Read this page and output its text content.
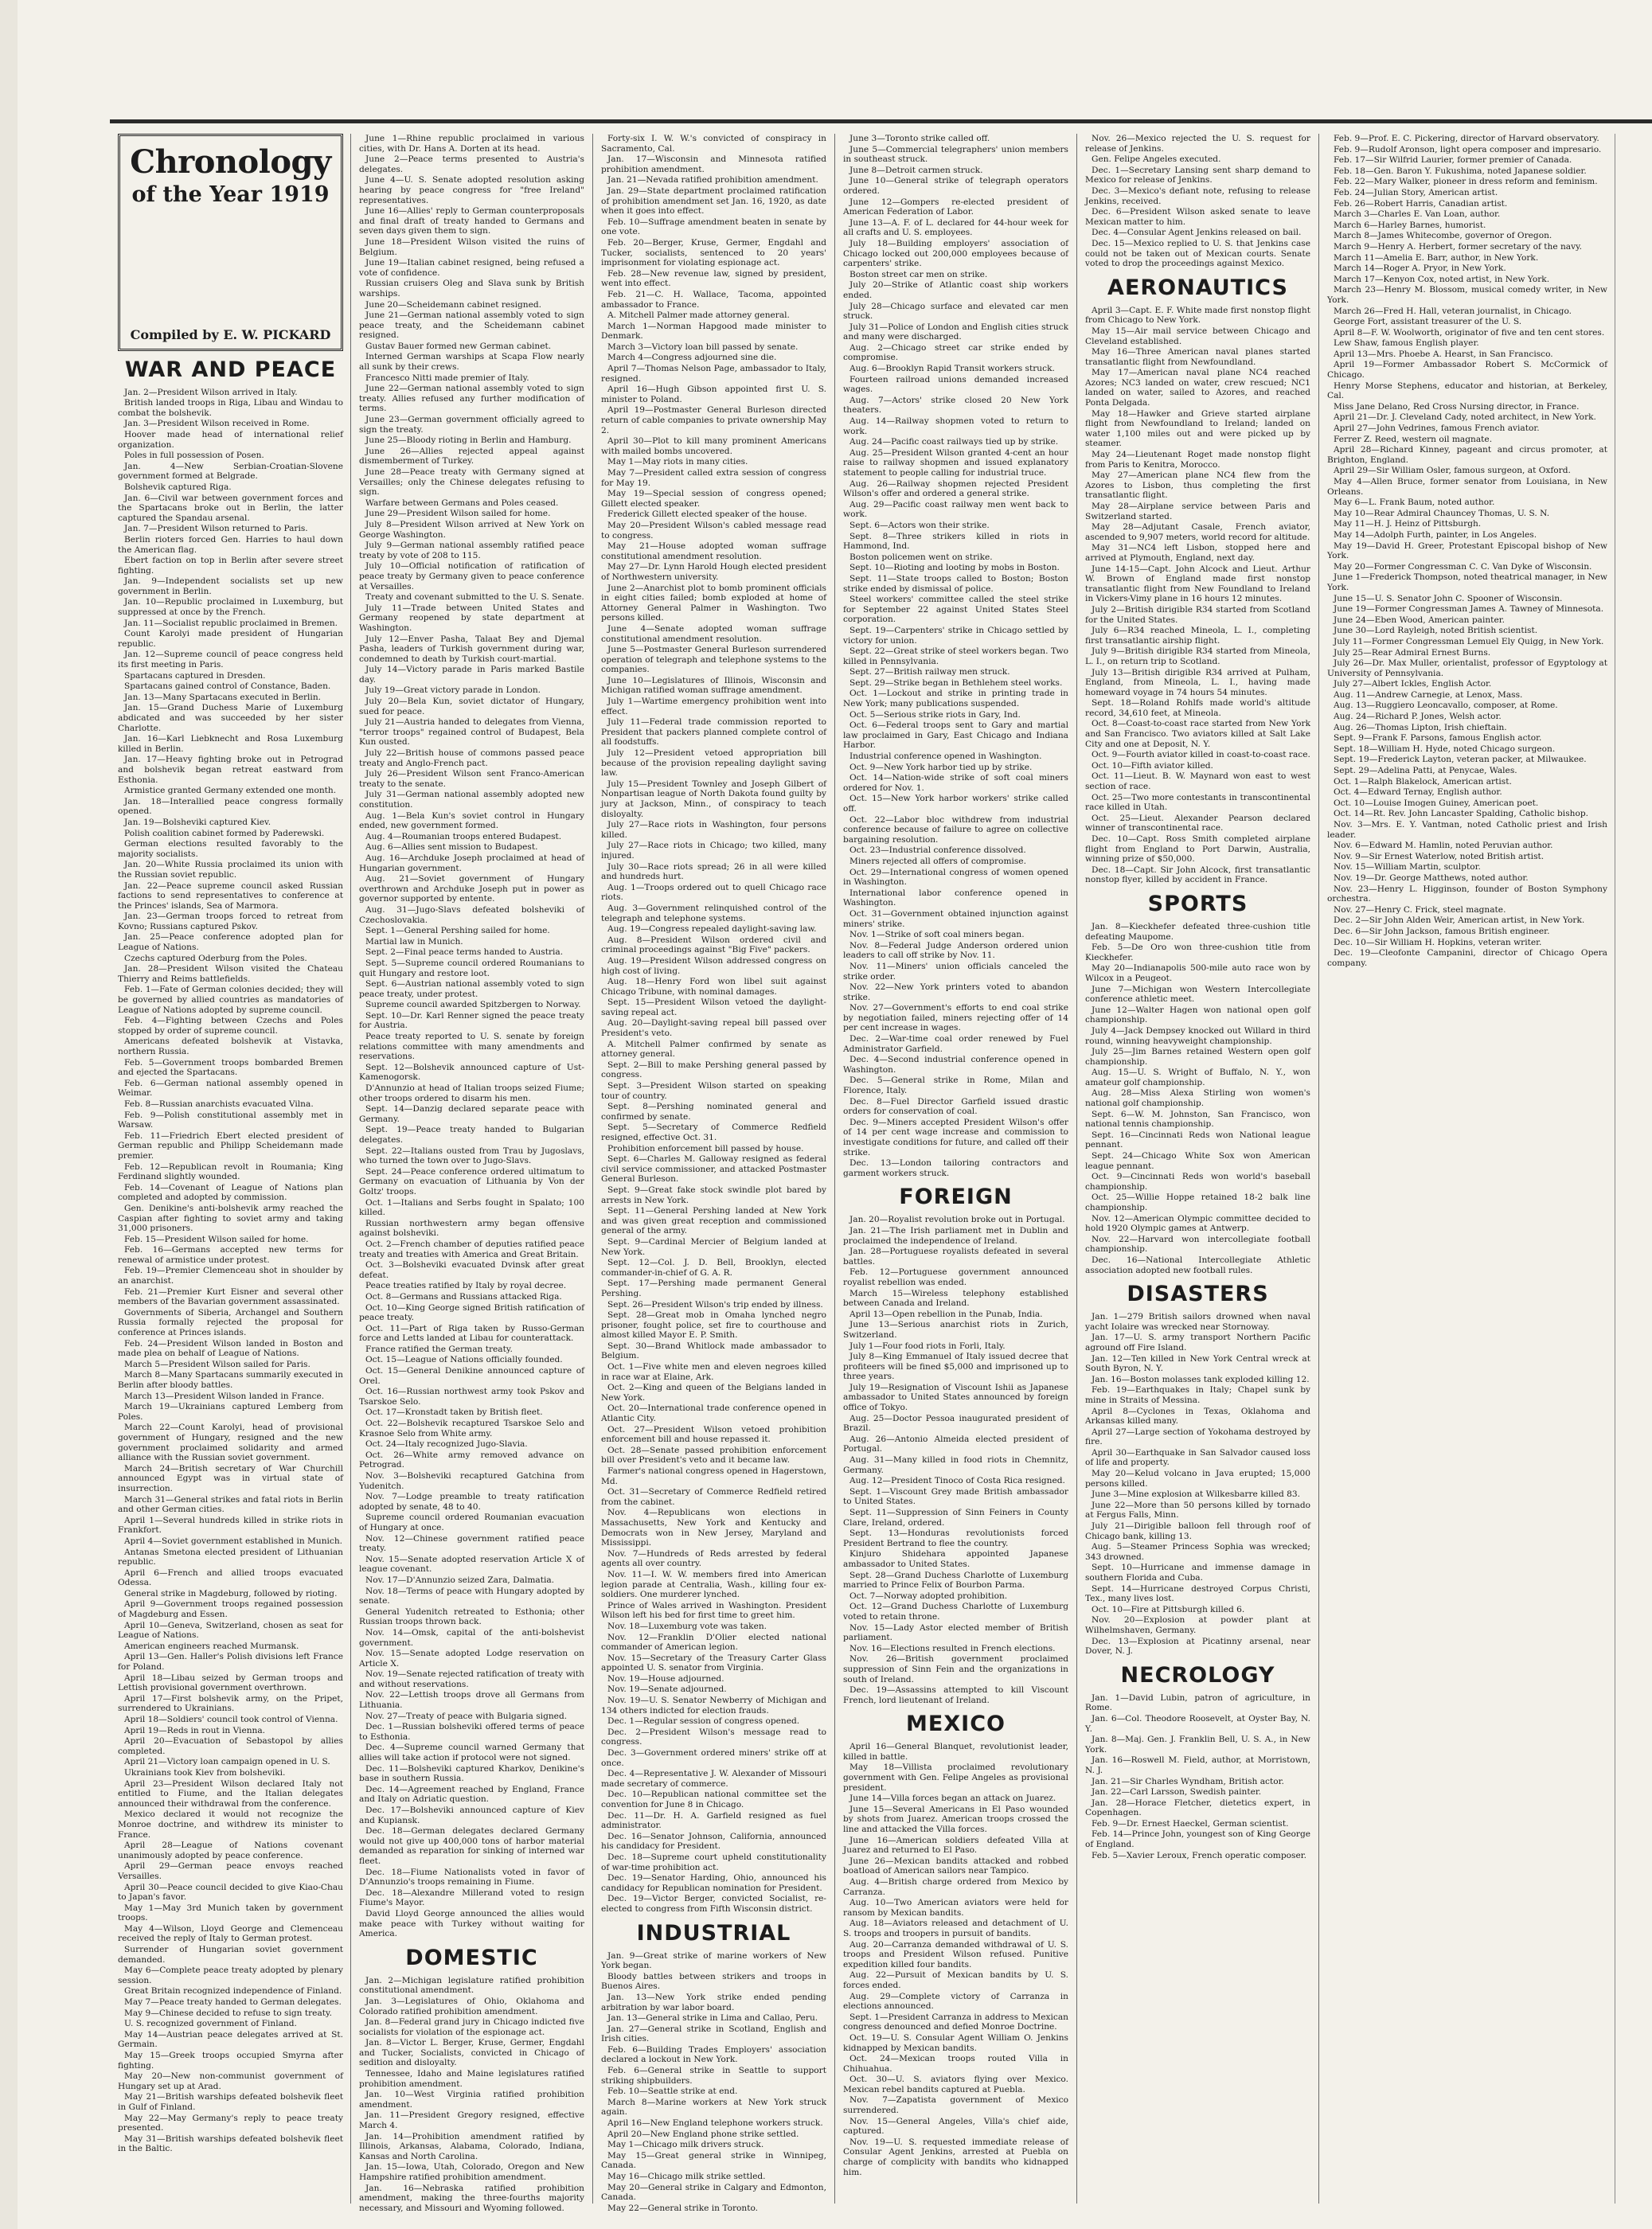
Chronology
of the Year 1919
Compiled by E. W. PICKARD
WAR AND PEACE

Jan. 2—President Wilson arrived in Italy.

British landed troops in Riga, Libau and Windau to combat the bolshevik.

Jan. 3—President Wilson received in Rome.

Hoover made head of international relief organization.

Poles in full possession of Posen.

Jan. 4—New Serbian-Croatian-Slovene government formed at Belgrade.

Bolshevik captured Riga.

Jan. 6—Civil war between government forces and the Spartacans broke out in Berlin, the latter captured the Spandau arsenal.

Jan. 7—President Wilson returned to Paris.

Berlin rioters forced Gen. Harries to haul down the American flag.

Ebert faction on top in Berlin after severe street fighting.

Jan. 9—Independent socialists set up new government in Berlin.

Jan. 10—Republic proclaimed in Luxemburg, but suppressed at once by the French.

Jan. 11—Socialist republic proclaimed in Bremen.

Count Karolyi made president of Hungarian republic.

Jan. 12—Supreme council of peace congress held its first meeting in Paris.

Spartacans captured in Dresden.

Spartacans gained control of Constance, Baden.

Jan. 13—Many Spartacans executed in Berlin.

Jan. 15—Grand Duchess Marie of Luxemburg abdicated and was succeeded by her sister Charlotte.

Jan. 16—Karl Liebknecht and Rosa Luxemburg killed in Berlin.

Jan. 17—Heavy fighting broke out in Petrograd and bolshevik began retreat eastward from Esthonia.

Armistice granted Germany extended one month.

Jan. 18—Interallied peace congress formally opened.

Jan. 19—Bolsheviki captured Kiev.

Polish coalition cabinet formed by Paderewski.

German elections resulted favorably to the majority socialists.

Jan. 20—White Russia proclaimed its union with the Russian soviet republic.

Jan. 22—Peace supreme council asked Russian factions to send representatives to conference at the Princes' islands, Sea of Marmora.

Jan. 23—German troops forced to retreat from Kovno; Russians captured Pskov.

Jan. 25—Peace conference adopted plan for League of Nations.

Czechs captured Oderburg from the Poles.

Jan. 28—President Wilson visited the Chateau Thierry and Reims battlefields.

Feb. 1—Fate of German colonies decided; they will be governed by allied countries as mandatories of League of Nations adopted by supreme council.

Feb. 4—Fighting between Czechs and Poles stopped by order of supreme council.

Americans defeated bolshevik at Vistavka, northern Russia.

Feb. 5—Government troops bombarded Bremen and ejected the Spartacans.

Feb. 6—German national assembly opened in Weimar.

Feb. 8—Russian anarchists evacuated Vilna.

Feb. 9—Polish constitutional assembly met in Warsaw.

Feb. 11—Friedrich Ebert elected president of German republic and Philipp Scheidemann made premier.

Feb. 12—Republican revolt in Roumania; King Ferdinand slightly wounded.

Feb. 14—Covenant of League of Nations plan completed and adopted by commission.

Gen. Denikine's anti-bolshevik army reached the Caspian after fighting to soviet army and taking 31,000 prisoners.

Feb. 15—President Wilson sailed for home.

Feb. 16—Germans accepted new terms for renewal of armistice under protest.

Feb. 19—Premier Clemenceau shot in shoulder by an anarchist.

Feb. 21—Premier Kurt Eisner and several other members of the Bavarian government assassinated.

Governments of Siberia, Archangel and Southern Russia formally rejected the proposal for conference at Princes islands.

Feb. 24—President Wilson landed in Boston and made plea on behalf of League of Nations.

March 5—President Wilson sailed for Paris.

March 8—Many Spartacans summarily executed in Berlin after bloody battles.

March 13—President Wilson landed in France.

March 19—Ukrainians captured Lemberg from Poles.

March 22—Count Karolyi, head of provisional government of Hungary, resigned and the new government proclaimed solidarity and armed alliance with the Russian soviet government.

March 24—British secretary of War Churchill announced Egypt was in virtual state of insurrection.

March 31—General strikes and fatal riots in Berlin and other German cities.

April 1—Several hundreds killed in strike riots in Frankfort.

April 4—Soviet government established in Munich.

Antanas Smetona elected president of Lithuanian republic.

April 6—French and allied troops evacuated Odessa.

General strike in Magdeburg, followed by rioting.

April 9—Government troops regained possession of Magdeburg and Essen.

April 10—Geneva, Switzerland, chosen as seat for League of Nations.

American engineers reached Murmansk.

April 13—Gen. Haller's Polish divisions left France for Poland.

April 18—Libau seized by German troops and Lettish provisional government overthrown.

April 17—First bolshevik army, on the Pripet, surrendered to Ukrainians.

April 18—Soldiers' council took control of Vienna.

April 19—Reds in rout in Vienna.

April 20—Evacuation of Sebastopol by allies completed.

April 21—Victory loan campaign opened in U. S.

Ukrainians took Kiev from bolsheviki.

April 23—President Wilson declared Italy not entitled to Fiume, and the Italian delegates announced their withdrawal from the conference.

Mexico declared it would not recognize the Monroe doctrine, and withdrew its minister to France.

April 28—League of Nations covenant unanimously adopted by peace conference.

April 29—German peace envoys reached Versailles.

April 30—Peace council decided to give Kiao-Chau to Japan's favor.

May 1—May 3rd Munich taken by government troops.

May 4—Wilson, Lloyd George and Clemenceau received the reply of Italy to German protest.

Surrender of Hungarian soviet government demanded.

May 6—Complete peace treaty adopted by plenary session.

Great Britain recognized independence of Finland.

May 7—Peace treaty handed to German delegates.

May 9—Chinese decided to refuse to sign treaty.

U. S. recognized government of Finland.

May 14—Austrian peace delegates arrived at St. Germain.

May 15—Greek troops occupied Smyrna after fighting.

May 20—New non-communist government of Hungary set up at Arad.

May 21—British warships defeated bolshevik fleet in Gulf of Finland.

May 22—May Germany's reply to peace treaty presented.

May 31—British warships defeated bolshevik fleet in the Baltic.

June 1—Rhine republic proclaimed in various cities, with Dr. Hans A. Dorten at its head.

June 2—Peace terms presented to Austria's delegates.

June 4—U. S. Senate adopted resolution asking hearing by peace congress for "free Ireland" representatives.

June 16—Allies' reply to German counterproposals and final draft of treaty handed to Germans and seven days given them to sign.

June 18—President Wilson visited the ruins of Belgium.

June 19—Italian cabinet resigned, being refused a vote of confidence.

Russian cruisers Oleg and Slava sunk by British warships.

June 20—Scheidemann cabinet resigned.

June 21—German national assembly voted to sign peace treaty, and the Scheidemann cabinet resigned.

Gustav Bauer formed new German cabinet.

Interned German warships at Scapa Flow nearly all sunk by their crews.

Francesco Nitti made premier of Italy.

June 22—German national assembly voted to sign treaty. Allies refused any further modification of terms.

June 23—German government officially agreed to sign the treaty.

June 25—Bloody rioting in Berlin and Hamburg.

June 26—Allies rejected appeal against dismemberment of Turkey.

June 28—Peace treaty with Germany signed at Versailles; only the Chinese delegates refusing to sign.

Warfare between Germans and Poles ceased.

June 29—President Wilson sailed for home.

July 8—President Wilson arrived at New York on George Washington.

July 9—German national assembly ratified peace treaty by vote of 208 to 115.

July 10—Official notification of ratification of peace treaty by Germany given to peace conference at Versailles.

Treaty and covenant submitted to the U. S. Senate.

July 11—Trade between United States and Germany reopened by state department at Washington.

July 12—Enver Pasha, Talaat Bey and Djemal Pasha, leaders of Turkish government during war, condemned to death by Turkish court-martial.

July 14—Victory parade in Paris marked Bastile day.

July 19—Great victory parade in London.

July 20—Bela Kun, soviet dictator of Hungary, sued for peace.

July 21—Austria handed to delegates from Vienna, "terror troops" regained control of Budapest, Bela Kun ousted.

July 22—British house of commons passed peace treaty and Anglo-French pact.

July 26—President Wilson sent Franco-American treaty to the senate.

July 31—German national assembly adopted new constitution.

Aug. 1—Bela Kun's soviet control in Hungary ended, new government formed.

Aug. 4—Roumanian troops entered Budapest.

Aug. 6—Allies sent mission to Budapest.

Aug. 16—Archduke Joseph proclaimed at head of Hungarian government.

Aug. 21—Soviet government of Hungary overthrown and Archduke Joseph put in power as governor supported by entente.

Aug. 31—Jugo-Slavs defeated bolsheviki of Czechoslovakia.

Sept. 1—General Pershing sailed for home.

Martial law in Munich.

Sept. 2—Final peace terms handed to Austria.

Sept. 5—Supreme council ordered Roumanians to quit Hungary and restore loot.

Sept. 6—Austrian national assembly voted to sign peace treaty, under protest.

Supreme council awarded Spitzbergen to Norway.

Sept. 10—Dr. Karl Renner signed the peace treaty for Austria.

Peace treaty reported to U. S. senate by foreign relations committee with many amendments and reservations.

Sept. 12—Bolshevik announced capture of Ust-Kamenogorsk.

D'Annunzio at head of Italian troops seized Fiume; other troops ordered to disarm his men.

Sept. 14—Danzig declared separate peace with Germany.

Sept. 19—Peace treaty handed to Bulgarian delegates.

Sept. 22—Italians ousted from Trau by Jugoslavs, who turned the town over to Jugo-Slavs.

Sept. 24—Peace conference ordered ultimatum to Germany on evacuation of Lithuania by Von der Goltz' troops.

Oct. 1—Italians and Serbs fought in Spalato; 100 killed.

Russian northwestern army began offensive against bolsheviki.

Oct. 2—French chamber of deputies ratified peace treaty and treaties with America and Great Britain.

Oct. 3—Bolsheviki evacuated Dvinsk after great defeat.

Peace treaties ratified by Italy by royal decree.

Oct. 8—Germans and Russians attacked Riga.

Oct. 10—King George signed British ratification of peace treaty.

Oct. 11—Part of Riga taken by Russo-German force and Letts landed at Libau for counterattack.

France ratified the German treaty.

Oct. 15—League of Nations officially founded.

Oct. 15—General Denikine announced capture of Orel.

Oct. 16—Russian northwest army took Pskov and Tsarskoe Selo.

Oct. 17—Kronstadt taken by British fleet.

Oct. 22—Bolshevik recaptured Tsarskoe Selo and Krasnoe Selo from White army.

Oct. 24—Italy recognized Jugo-Slavia.

Oct. 26—White army removed advance on Petrograd.

Nov. 3—Bolsheviki recaptured Gatchina from Yudenitch.

Nov. 7—Lodge preamble to treaty ratification adopted by senate, 48 to 40.

Supreme council ordered Roumanian evacuation of Hungary at once.

Nov. 12—Chinese government ratified peace treaty.

Nov. 15—Senate adopted reservation Article X of league covenant.

Nov. 17—D'Annunzio seized Zara, Dalmatia.

Nov. 18—Terms of peace with Hungary adopted by senate.

General Yudenitch retreated to Esthonia; other Russian troops thrown back.

Nov. 14—Omsk, capital of the anti-bolshevist government.

Nov. 15—Senate adopted Lodge reservation on Article X.

Nov. 19—Senate rejected ratification of treaty with and without reservations.

Nov. 22—Lettish troops drove all Germans from Lithuania.

Nov. 27—Treaty of peace with Bulgaria signed.

Dec. 1—Russian bolsheviki offered terms of peace to Esthonia.

Dec. 4—Supreme council warned Germany that allies will take action if protocol were not signed.

Dec. 11—Bolsheviki captured Kharkov, Denikine's base in southern Russia.

Dec. 14—Agreement reached by England, France and Italy on Adriatic question.

Dec. 17—Bolsheviki announced capture of Kiev and Kupiansk.

Dec. 18—German delegates declared Germany would not give up 400,000 tons of harbor material demanded as reparation for sinking of interned war fleet.

Dec. 18—Fiume Nationalists voted in favor of D'Annunzio's troops remaining in Fiume.

Dec. 18—Alexandre Millerand voted to resign Fiume's Mayor.

David Lloyd George announced the allies would make peace with Turkey without waiting for America.

DOMESTIC

Jan. 2—Michigan legislature ratified prohibition constitutional amendment.

Jan. 3—Legislatures of Ohio, Oklahoma and Colorado ratified prohibition amendment.

Jan. 8—Federal grand jury in Chicago indicted five socialists for violation of the espionage act.

Jan. 8—Victor L. Berger, Kruse, Germer, Engdahl and Tucker, Socialists, convicted in Chicago of sedition and disloyalty.

Tennessee, Idaho and Maine legislatures ratified prohibition amendment.

Jan. 10—West Virginia ratified prohibition amendment.

Jan. 11—President Gregory resigned, effective March 4.

Jan. 14—Prohibition amendment ratified by Illinois, Arkansas, Alabama, Colorado, Indiana, Kansas and North Carolina.

Jan. 15—Iowa, Utah, Colorado, Oregon and New Hampshire ratified prohibition amendment.

Jan. 16—Nebraska ratified prohibition amendment, making the three-fourths majority necessary, and Missouri and Wyoming followed.

Forty-six I. W. W.'s convicted of conspiracy in Sacramento, Cal.

Jan. 17—Wisconsin and Minnesota ratified prohibition amendment.

Jan. 21—Nevada ratified prohibition amendment.

Jan. 29—State department proclaimed ratification of prohibition amendment set Jan. 16, 1920, as date when it goes into effect.

Feb. 10—Suffrage amendment beaten in senate by one vote.

Feb. 20—Berger, Kruse, Germer, Engdahl and Tucker, socialists, sentenced to 20 years' imprisonment for violating espionage act.

Feb. 28—New revenue law, signed by president, went into effect.

Feb. 21—C. H. Wallace, Tacoma, appointed ambassador to France.

A. Mitchell Palmer made attorney general.

March 1—Norman Hapgood made minister to Denmark.

March 3—Victory loan bill passed by senate.

March 4—Congress adjourned sine die.

April 7—Thomas Nelson Page, ambassador to Italy, resigned.

April 16—Hugh Gibson appointed first U. S. minister to Poland.

April 19—Postmaster General Burleson directed return of cable companies to private ownership May 2.

April 30—Plot to kill many prominent Americans with mailed bombs uncovered.

May 1—May riots in many cities.

May 7—President called extra session of congress for May 19.

May 19—Special session of congress opened; Gillett elected speaker.

Frederick Gillett elected speaker of the house.

May 20—President Wilson's cabled message read to congress.

May 21—House adopted woman suffrage constitutional amendment resolution.

May 27—Dr. Lynn Harold Hough elected president of Northwestern university.

June 2—Anarchist plot to bomb prominent officials in eight cities failed; bomb exploded at home of Attorney General Palmer in Washington. Two persons killed.

June 4—Senate adopted woman suffrage constitutional amendment resolution.

June 5—Postmaster General Burleson surrendered operation of telegraph and telephone systems to the companies.

June 10—Legislatures of Illinois, Wisconsin and Michigan ratified woman suffrage amendment.

July 1—Wartime emergency prohibition went into effect.

July 11—Federal trade commission reported to President that packers planned complete control of all foodstuffs.

July 12—President vetoed appropriation bill because of the provision repealing daylight saving law.

July 15—President Townley and Joseph Gilbert of Nonpartisan league of North Dakota found guilty by jury at Jackson, Minn., of conspiracy to teach disloyalty.

July 27—Race riots in Washington, four persons killed.

July 27—Race riots in Chicago; two killed, many injured.

July 30—Race riots spread; 26 in all were killed and hundreds hurt.

Aug. 1—Troops ordered out to quell Chicago race riots.

Aug. 3—Government relinquished control of the telegraph and telephone systems.

Aug. 19—Congress repealed daylight-saving law.

Aug. 8—President Wilson ordered civil and criminal proceedings against "Big Five" packers.

Aug. 19—President Wilson addressed congress on high cost of living.

Aug. 18—Henry Ford won libel suit against Chicago Tribune, with nominal damages.

Sept. 15—President Wilson vetoed the daylight-saving repeal act.

Aug. 20—Daylight-saving repeal bill passed over President's veto.

A. Mitchell Palmer confirmed by senate as attorney general.

Sept. 2—Bill to make Pershing general passed by congress.

Sept. 3—President Wilson started on speaking tour of country.

Sept. 8—Pershing nominated general and confirmed by senate.

Sept. 5—Secretary of Commerce Redfield resigned, effective Oct. 31.

Prohibition enforcement bill passed by house.

Sept. 6—Charles M. Galloway resigned as federal civil service commissioner, and attacked Postmaster General Burleson.

Sept. 9—Great fake stock swindle plot bared by arrests in New York.

Sept. 11—General Pershing landed at New York and was given great reception and commissioned general of the army.

Sept. 9—Cardinal Mercier of Belgium landed at New York.

Sept. 12—Col. J. D. Bell, Brooklyn, elected commander-in-chief of G. A. R.

Sept. 17—Pershing made permanent General Pershing.

Sept. 26—President Wilson's trip ended by illness.

Sept. 28—Great mob in Omaha lynched negro prisoner, fought police, set fire to courthouse and almost killed Mayor E. P. Smith.

Sept. 30—Brand Whitlock made ambassador to Belgium.

Oct. 1—Five white men and eleven negroes killed in race war at Elaine, Ark.

Oct. 2—King and queen of the Belgians landed in New York.

Oct. 20—International trade conference opened in Atlantic City.

Oct. 27—President Wilson vetoed prohibition enforcement bill and house repassed it.

Oct. 28—Senate passed prohibition enforcement bill over President's veto and it became law.

Farmer's national congress opened in Hagerstown, Md.

Oct. 31—Secretary of Commerce Redfield retired from the cabinet.

Nov. 4—Republicans won elections in Massachusetts, New York and Kentucky and Democrats won in New Jersey, Maryland and Mississippi.

Nov. 7—Hundreds of Reds arrested by federal agents all over country.

Nov. 11—I. W. W. members fired into American legion parade at Centralia, Wash., killing four ex-soldiers. One murderer lynched.

Prince of Wales arrived in Washington. President Wilson left his bed for first time to greet him.

Nov. 18—Luxemburg vote was taken.

Nov. 12—Franklin D'Olier elected national commander of American legion.

Nov. 15—Secretary of the Treasury Carter Glass appointed U. S. senator from Virginia.

Nov. 19—House adjourned.

Nov. 19—Senate adjourned.

Nov. 19—U. S. Senator Newberry of Michigan and 134 others indicted for election frauds.

Dec. 1—Regular session of congress opened.

Dec. 2—President Wilson's message read to congress.

Dec. 3—Government ordered miners' strike off at once.

Dec. 4—Representative J. W. Alexander of Missouri made secretary of commerce.

Dec. 10—Republican national committee set the convention for June 8 in Chicago.

Dec. 11—Dr. H. A. Garfield resigned as fuel administrator.

Dec. 16—Senator Johnson, California, announced his candidacy for President.

Dec. 18—Supreme court upheld constitutionality of war-time prohibition act.

Dec. 19—Senator Harding, Ohio, announced his candidacy for Republican nomination for President.

Dec. 19—Victor Berger, convicted Socialist, re-elected to congress from Fifth Wisconsin district.

INDUSTRIAL

Jan. 9—Great strike of marine workers of New York began.

Bloody battles between strikers and troops in Buenos Aires.

Jan. 13—New York strike ended pending arbitration by war labor board.

Jan. 13—General strike in Lima and Callao, Peru.

Jan. 27—General strike in Scotland, English and Irish cities.

Feb. 6—Building Trades Employers' association declared a lockout in New York.

Feb. 6—General strike in Seattle to support striking shipbuilders.

Feb. 10—Seattle strike at end.

March 8—Marine workers at New York struck again.

April 16—New England telephone workers struck.

April 20—New England phone strike settled.

May 1—Chicago milk drivers struck.

May 15—Great general strike in Winnipeg, Canada.

May 16—Chicago milk strike settled.

May 20—General strike in Calgary and Edmonton, Canada.

May 22—General strike in Toronto.

June 3—Toronto strike called off.

June 5—Commercial telegraphers' union members in southeast struck.

June 8—Detroit carmen struck.

June 10—General strike of telegraph operators ordered.

June 12—Gompers re-elected president of American Federation of Labor.

June 13—A. F. of L. declared for 44-hour week for all crafts and U. S. employees.

July 18—Building employers' association of Chicago locked out 200,000 employees because of carpenters' strike.

Boston street car men on strike.

July 20—Strike of Atlantic coast ship workers ended.

July 28—Chicago surface and elevated car men struck.

July 31—Police of London and English cities struck and many were discharged.

Aug. 2—Chicago street car strike ended by compromise.

Aug. 6—Brooklyn Rapid Transit workers struck.

Fourteen railroad unions demanded increased wages.

Aug. 7—Actors' strike closed 20 New York theaters.

Aug. 14—Railway shopmen voted to return to work.

Aug. 24—Pacific coast railways tied up by strike.

Aug. 25—President Wilson granted 4-cent an hour raise to railway shopmen and issued explanatory statement to people calling for industrial truce.

Aug. 26—Railway shopmen rejected President Wilson's offer and ordered a general strike.

Aug. 29—Pacific coast railway men went back to work.

Sept. 6—Actors won their strike.

Sept. 8—Three strikers killed in riots in Hammond, Ind.

Boston policemen went on strike.

Sept. 10—Rioting and looting by mobs in Boston.

Sept. 11—State troops called to Boston; Boston strike ended by dismissal of police.

Steel workers' committee called the steel strike for September 22 against United States Steel corporation.

Sept. 19—Carpenters' strike in Chicago settled by victory for union.

Sept. 22—Great strike of steel workers began. Two killed in Pennsylvania.

Sept. 27—British railway men struck.

Sept. 29—Strike began in Bethlehem steel works.

Oct. 1—Lockout and strike in printing trade in New York; many publications suspended.

Oct. 5—Serious strike riots in Gary, Ind.

Oct. 6—Federal troops sent to Gary and martial law proclaimed in Gary, East Chicago and Indiana Harbor.

Industrial conference opened in Washington.

Oct. 9—New York harbor tied up by strike.

Oct. 14—Nation-wide strike of soft coal miners ordered for Nov. 1.

Oct. 15—New York harbor workers' strike called off.

Oct. 22—Labor bloc withdrew from industrial conference because of failure to agree on collective bargaining resolution.

Oct. 23—Industrial conference dissolved.

Miners rejected all offers of compromise.

Oct. 29—International congress of women opened in Washington.

International labor conference opened in Washington.

Oct. 31—Government obtained injunction against miners' strike.

Nov. 1—Strike of soft coal miners began.

Nov. 8—Federal Judge Anderson ordered union leaders to call off strike by Nov. 11.

Nov. 11—Miners' union officials canceled the strike order.

Nov. 22—New York printers voted to abandon strike.

Nov. 27—Government's efforts to end coal strike by negotiation failed, miners rejecting offer of 14 per cent increase in wages.

Dec. 2—War-time coal order renewed by Fuel Administrator Garfield.

Dec. 4—Second industrial conference opened in Washington.

Dec. 5—General strike in Rome, Milan and Florence, Italy.

Dec. 8—Fuel Director Garfield issued drastic orders for conservation of coal.

Dec. 9—Miners accepted President Wilson's offer of 14 per cent wage increase and commission to investigate conditions for future, and called off their strike.

Dec. 13—London tailoring contractors and garment workers struck.

FOREIGN

Jan. 20—Royalist revolution broke out in Portugal.

Jan. 21—The Irish parliament met in Dublin and proclaimed the independence of Ireland.

Jan. 28—Portuguese royalists defeated in several battles.

Feb. 12—Portuguese government announced royalist rebellion was ended.

March 15—Wireless telephony established between Canada and Ireland.

April 13—Open rebellion in the Punab, India.

June 13—Serious anarchist riots in Zurich, Switzerland.

July 1—Four food riots in Forli, Italy.

July 8—King Emmanuel of Italy issued decree that profiteers will be fined $5,000 and imprisoned up to three years.

July 19—Resignation of Viscount Ishii as Japanese ambassador to United States announced by foreign office of Tokyo.

Aug. 25—Doctor Pessoa inaugurated president of Brazil.

Aug. 26—Antonio Almeida elected president of Portugal.

Aug. 31—Many killed in food riots in Chemnitz, Germany.

Aug. 12—President Tinoco of Costa Rica resigned.

Sept. 1—Viscount Grey made British ambassador to United States.

Sept. 11—Suppression of Sinn Feiners in County Clare, Ireland, ordered.

Sept. 13—Honduras revolutionists forced President Bertrand to flee the country.

Kinjuro Shidehara appointed Japanese ambassador to United States.

Sept. 28—Grand Duchess Charlotte of Luxemburg married to Prince Felix of Bourbon Parma.

Oct. 7—Norway adopted prohibition.

Oct. 12—Grand Duchess Charlotte of Luxemburg voted to retain throne.

Nov. 15—Lady Astor elected member of British parliament.

Nov. 16—Elections resulted in French elections.

Nov. 26—British government proclaimed suppression of Sinn Fein and the organizations in south of Ireland.

Dec. 19—Assassins attempted to kill Viscount French, lord lieutenant of Ireland.

MEXICO

April 16—General Blanquet, revolutionist leader, killed in battle.

May 18—Villista proclaimed revolutionary government with Gen. Felipe Angeles as provisional president.

June 14—Villa forces began an attack on Juarez.

June 15—Several Americans in El Paso wounded by shots from Juarez. American troops crossed the line and attacked the Villa forces.

June 16—American soldiers defeated Villa at Juarez and returned to El Paso.

June 26—Mexican bandits attacked and robbed boatload of American sailors near Tampico.

Aug. 4—British charge ordered from Mexico by Carranza.

Aug. 10—Two American aviators were held for ransom by Mexican bandits.

Aug. 18—Aviators released and detachment of U. S. troops and troopers in pursuit of bandits.

Aug. 20—Carranza demanded withdrawal of U. S. troops and President Wilson refused. Punitive expedition killed four bandits.

Aug. 22—Pursuit of Mexican bandits by U. S. forces ended.

Aug. 29—Complete victory of Carranza in elections announced.

Sept. 1—President Carranza in address to Mexican congress denounced and defied Monroe Doctrine.

Oct. 19—U. S. Consular Agent William O. Jenkins kidnapped by Mexican bandits.

Oct. 24—Mexican troops routed Villa in Chihuahua.

Oct. 30—U. S. aviators flying over Mexico. Mexican rebel bandits captured at Puebla.

Nov. 7—Zapatista government of Mexico surrendered.

Nov. 15—General Angeles, Villa's chief aide, captured.

Nov. 19—U. S. requested immediate release of Consular Agent Jenkins, arrested at Puebla on charge of complicity with bandits who kidnapped him.

Nov. 26—Mexico rejected the U. S. request for release of Jenkins.

Gen. Felipe Angeles executed.

Dec. 1—Secretary Lansing sent sharp demand to Mexico for release of Jenkins.

Dec. 3—Mexico's defiant note, refusing to release Jenkins, received.

Dec. 6—President Wilson asked senate to leave Mexican matter to him.

Dec. 4—Consular Agent Jenkins released on bail.

Dec. 15—Mexico replied to U. S. that Jenkins case could not be taken out of Mexican courts. Senate voted to drop the proceedings against Mexico.

AERONAUTICS

April 3—Capt. E. F. White made first nonstop flight from Chicago to New York.

May 15—Air mail service between Chicago and Cleveland established.

May 16—Three American naval planes started transatlantic flight from Newfoundland.

May 17—American naval plane NC4 reached Azores; NC3 landed on water, crew rescued; NC1 landed on water, sailed to Azores, and reached Ponta Delgada.

May 18—Hawker and Grieve started airplane flight from Newfoundland to Ireland; landed on water 1,100 miles out and were picked up by steamer.

May 24—Lieutenant Roget made nonstop flight from Paris to Kenitra, Morocco.

May 27—American plane NC4 flew from the Azores to Lisbon, thus completing the first transatlantic flight.

May 28—Airplane service between Paris and Switzerland started.

May 28—Adjutant Casale, French aviator, ascended to 9,907 meters, world record for altitude.

May 31—NC4 left Lisbon, stopped here and arrived at Plymouth, England, next day.

June 14-15—Capt. John Alcock and Lieut. Arthur W. Brown of England made first nonstop transatlantic flight from New Foundland to Ireland in Vickers-Vimy plane in 16 hours 12 minutes.

July 2—British dirigible R34 started from Scotland for the United States.

July 6—R34 reached Mineola, L. I., completing first transatlantic airship flight.

July 9—British dirigible R34 started from Mineola, L. I., on return trip to Scotland.

July 13—British dirigible R34 arrived at Pulham, England, from Mineola, L. I., having made homeward voyage in 74 hours 54 minutes.

Sept. 18—Roland Rohlfs made world's altitude record, 34,610 feet, at Mineola.

Oct. 8—Coast-to-coast race started from New York and San Francisco. Two aviators killed at Salt Lake City and one at Deposit, N. Y.

Oct. 9—Fourth aviator killed in coast-to-coast race.

Oct. 10—Fifth aviator killed.

Oct. 11—Lieut. B. W. Maynard won east to west section of race.

Oct. 25—Two more contestants in transcontinental race killed in Utah.

Oct. 25—Lieut. Alexander Pearson declared winner of transcontinental race.

Dec. 10—Capt. Ross Smith completed airplane flight from England to Port Darwin, Australia, winning prize of $50,000.

Dec. 18—Capt. Sir John Alcock, first transatlantic nonstop flyer, killed by accident in France.

SPORTS

Jan. 8—Kieckhefer defeated three-cushion title defeating Maupome.

Feb. 5—De Oro won three-cushion title from Kieckhefer.

May 20—Indianapolis 500-mile auto race won by Wilcox in a Peugeot.

June 7—Michigan won Western Intercollegiate conference athletic meet.

June 12—Walter Hagen won national open golf championship.

July 4—Jack Dempsey knocked out Willard in third round, winning heavyweight championship.

July 25—Jim Barnes retained Western open golf championship.

Aug. 15—U. S. Wright of Buffalo, N. Y., won amateur golf championship.

Aug. 28—Miss Alexa Stirling won women's national golf championship.

Sept. 6—W. M. Johnston, San Francisco, won national tennis championship.

Sept. 16—Cincinnati Reds won National league pennant.

Sept. 24—Chicago White Sox won American league pennant.

Oct. 9—Cincinnati Reds won world's baseball championship.

Oct. 25—Willie Hoppe retained 18-2 balk line championship.

Nov. 12—American Olympic committee decided to hold 1920 Olympic games at Antwerp.

Nov. 22—Harvard won intercollegiate football championship.

Dec. 16—National Intercollegiate Athletic association adopted new football rules.

DISASTERS

Jan. 1—279 British sailors drowned when naval yacht Iolaire was wrecked near Stornoway.

Jan. 17—U. S. army transport Northern Pacific aground off Fire Island.

Jan. 12—Ten killed in New York Central wreck at South Byron, N. Y.

Jan. 16—Boston molasses tank exploded killing 12.

Feb. 19—Earthquakes in Italy; Chapel sunk by mine in Straits of Messina.

April 8—Cyclones in Texas, Oklahoma and Arkansas killed many.

April 27—Large section of Yokohama destroyed by fire.

April 30—Earthquake in San Salvador caused loss of life and property.

May 20—Kelud volcano in Java erupted; 15,000 persons killed.

June 3—Mine explosion at Wilkesbarre killed 83.

June 22—More than 50 persons killed by tornado at Fergus Falls, Minn.

July 21—Dirigible balloon fell through roof of Chicago bank, killing 13.

Aug. 5—Steamer Princess Sophia was wrecked; 343 drowned.

Sept. 10—Hurricane and immense damage in southern Florida and Cuba.

Sept. 14—Hurricane destroyed Corpus Christi, Tex., many lives lost.

Oct. 10—Fire at Pittsburgh killed 6.

Nov. 20—Explosion at powder plant at Wilhelmshaven, Germany.

Dec. 13—Explosion at Picatinny arsenal, near Dover, N. J.

NECROLOGY

Jan. 1—David Lubin, patron of agriculture, in Rome.

Jan. 6—Col. Theodore Roosevelt, at Oyster Bay, N. Y.

Jan. 8—Maj. Gen. J. Franklin Bell, U. S. A., in New York.

Jan. 16—Roswell M. Field, author, at Morristown, N. J.

Jan. 21—Sir Charles Wyndham, British actor.

Jan. 22—Carl Larsson, Swedish painter.

Jan. 28—Horace Fletcher, dietetics expert, in Copenhagen.

Feb. 9—Dr. Ernest Haeckel, German scientist.

Feb. 14—Prince John, youngest son of King George of England.

Feb. 5—Xavier Leroux, French operatic composer.

Feb. 9—Prof. E. C. Pickering, director of Harvard observatory.

Feb. 9—Rudolf Aronson, light opera composer and impresario.

Feb. 17—Sir Wilfrid Laurier, former premier of Canada.

Feb. 18—Gen. Baron Y. Fukushima, noted Japanese soldier.

Feb. 22—Mary Walker, pioneer in dress reform and feminism.

Feb. 24—Julian Story, American artist.

Feb. 26—Robert Harris, Canadian artist.

March 3—Charles E. Van Loan, author.

March 6—Harley Barnes, humorist.

March 8—James Whitecombe, governor of Oregon.

March 9—Henry A. Herbert, former secretary of the navy.

March 11—Amelia E. Barr, author, in New York.

March 14—Roger A. Pryor, in New York.

March 17—Kenyon Cox, noted artist, in New York.

March 23—Henry M. Blossom, musical comedy writer, in New York.

March 26—Fred H. Hall, veteran journalist, in Chicago.

George Fort, assistant treasurer of the U. S.

April 8—F. W. Woolworth, originator of five and ten cent stores.

Lew Shaw, famous English player.

April 13—Mrs. Phoebe A. Hearst, in San Francisco.

April 19—Former Ambassador Robert S. McCormick of Chicago.

Henry Morse Stephens, educator and historian, at Berkeley, Cal.

Miss Jane Delano, Red Cross Nursing director, in France.

April 21—Dr. J. Cleveland Cady, noted architect, in New York.

April 27—John Vedrines, famous French aviator.

Ferrer Z. Reed, western oil magnate.

April 28—Richard Kinney, pageant and circus promoter, at Brighton, England.

April 29—Sir William Osler, famous surgeon, at Oxford.

May 4—Allen Bruce, former senator from Louisiana, in New Orleans.

May 6—L. Frank Baum, noted author.

May 10—Rear Admiral Chauncey Thomas, U. S. N.

May 11—H. J. Heinz of Pittsburgh.

May 14—Adolph Furth, painter, in Los Angeles.

May 19—David H. Greer, Protestant Episcopal bishop of New York.

May 20—Former Congressman C. C. Van Dyke of Wisconsin.

June 1—Frederick Thompson, noted theatrical manager, in New York.

June 15—U. S. Senator John C. Spooner of Wisconsin.

June 19—Former Congressman James A. Tawney of Minnesota.

June 24—Eben Wood, American painter.

June 30—Lord Rayleigh, noted British scientist.

July 11—Former Congressman Lemuel Ely Quigg, in New York.

July 25—Rear Admiral Ernest Burns.

July 26—Dr. Max Muller, orientalist, professor of Egyptology at University of Pennsylvania.

July 27—Albert Ickles, English Actor.

Aug. 11—Andrew Carnegie, at Lenox, Mass.

Aug. 13—Ruggiero Leoncavallo, composer, at Rome.

Aug. 24—Richard P. Jones, Welsh actor.

Aug. 26—Thomas Lipton, Irish chieftain.

Sept. 9—Frank F. Parsons, famous English actor.

Sept. 18—William H. Hyde, noted Chicago surgeon.

Sept. 19—Frederick Layton, veteran packer, at Milwaukee.

Sept. 29—Adelina Patti, at Penycae, Wales.

Oct. 1—Ralph Blakelock, American artist.

Oct. 4—Edward Ternay, English author.

Oct. 10—Louise Imogen Guiney, American poet.

Oct. 14—Rt. Rev. John Lancaster Spalding, Catholic bishop.

Nov. 3—Mrs. E. Y. Vantman, noted Catholic priest and Irish leader.

Nov. 6—Edward M. Hamlin, noted Peruvian author.

Nov. 9—Sir Ernest Waterlow, noted British artist.

Nov. 15—William Martin, sculptor.

Nov. 19—Dr. George Matthews, noted author.

Nov. 23—Henry L. Higginson, founder of Boston Symphony orchestra.

Nov. 27—Henry C. Frick, steel magnate.

Dec. 2—Sir John Alden Weir, American artist, in New York.

Dec. 6—Sir John Jackson, famous British engineer.

Dec. 10—Sir William H. Hopkins, veteran writer.

Dec. 19—Cleofonte Campanini, director of Chicago Opera company.
